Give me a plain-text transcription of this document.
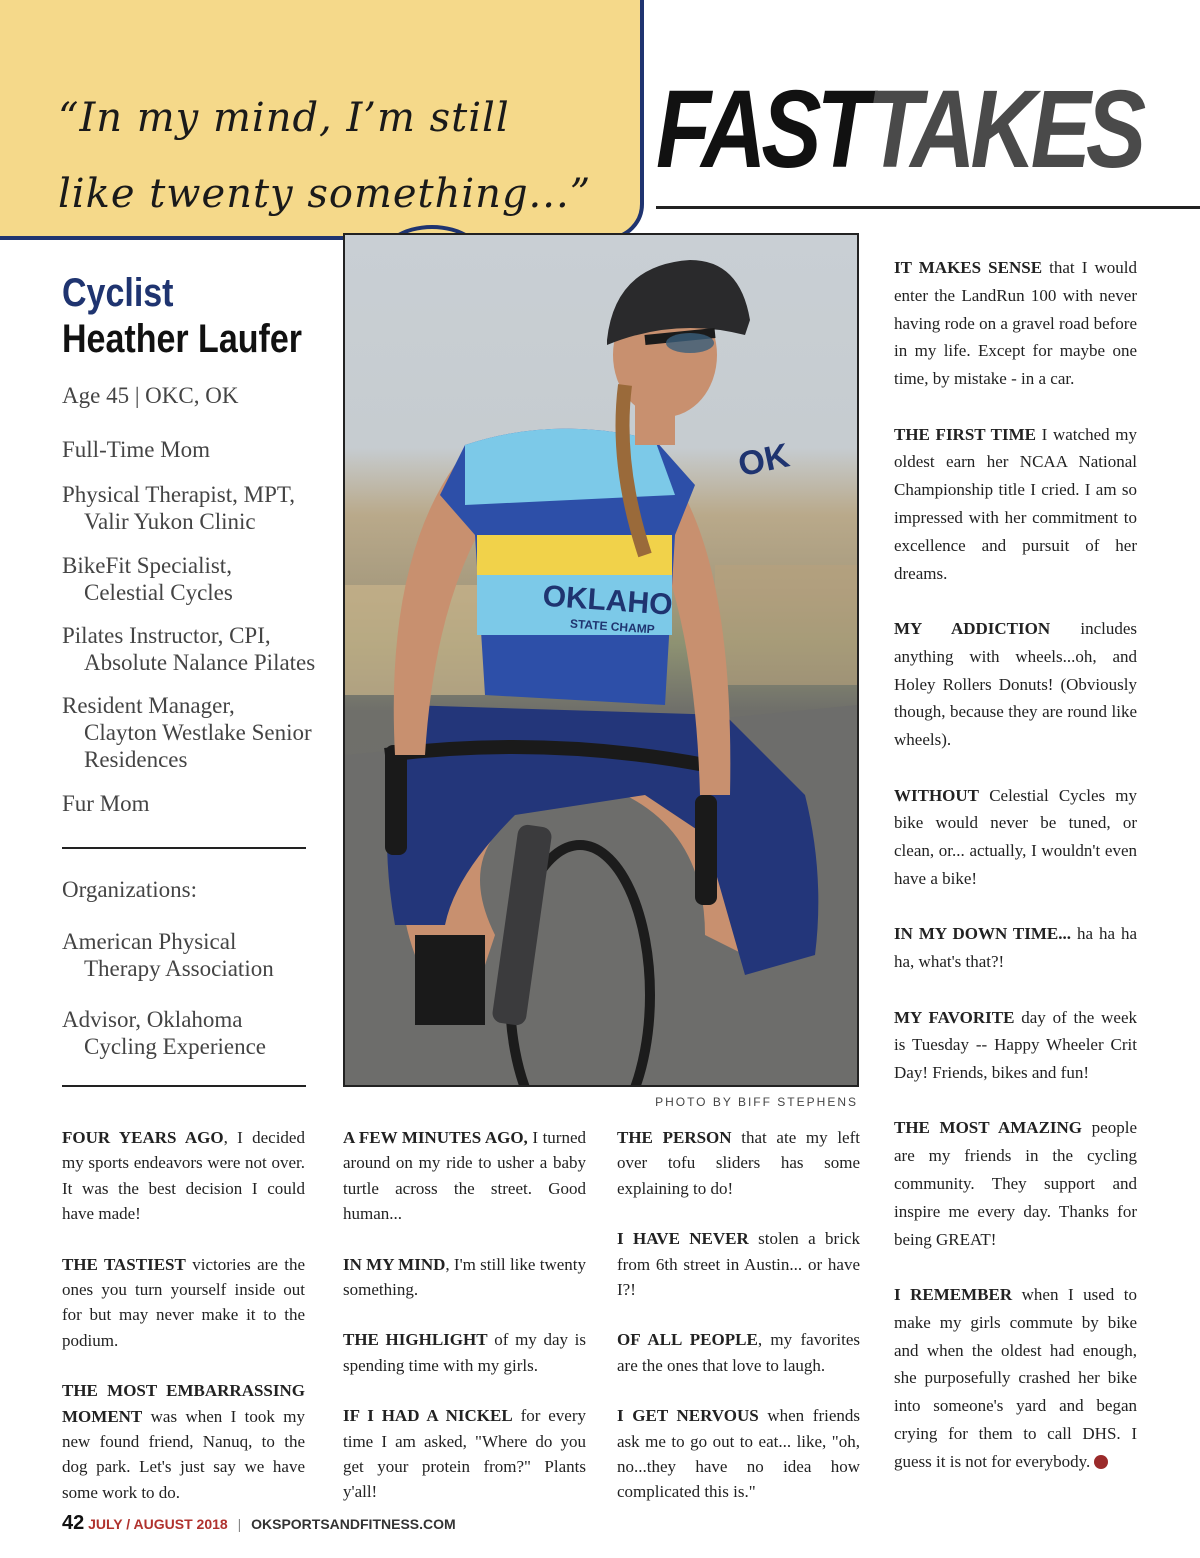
“In my mind, I’m still
like twenty something...”
FASTTAKES
Cyclist
Heather Laufer
Age 45 | OKC, OK
Full-Time Mom
Physical Therapist, MPT,
Valir Yukon Clinic
BikeFit Specialist,
Celestial Cycles
Pilates Instructor, CPI,
Absolute Nalance Pilates
Resident Manager,
Clayton Westlake Senior
Residences
Fur Mom
Organizations:
American Physical
Therapy Association
Advisor, Oklahoma
Cycling Experience
OKLAHO
STATE CHAMP
OK
PHOTO BY BIFF STEPHENS

FOUR YEARS AGO, I decided my sports endeavors were not over. It was the best decision I could have made!

THE TASTIEST victories are the ones you turn yourself inside out for but may never make it to the podium.

THE MOST EMBARRASSING MOMENT was when I took my new found friend, Nanuq, to the dog park. Let's just say we have some work to do.

A FEW MINUTES AGO, I turned around on my ride to usher a baby turtle across the street. Good human...

IN MY MIND, I'm still like twenty something.

THE HIGHLIGHT of my day is spending time with my girls.

IF I HAD A NICKEL for every time I am asked, "Where do you get your protein from?" Plants y'all!

THE PERSON that ate my left over tofu sliders has some explaining to do!

I HAVE NEVER stolen a brick from 6th street in Austin... or have I?!

OF ALL PEOPLE, my favorites are the ones that love to laugh.

I GET NERVOUS when friends ask me to go out to eat... like, "oh, no...they have no idea how complicated this is."

IT MAKES SENSE that I would enter the LandRun 100 with never having rode on a gravel road before in my life. Except for maybe one time, by mistake - in a car.

THE FIRST TIME I watched my oldest earn her NCAA National Championship title I cried. I am so impressed with her commitment to excellence and pursuit of her dreams.

MY ADDICTION includes anything with wheels...oh, and Holey Rollers Donuts! (Obviously though, because they are round like wheels).

WITHOUT Celestial Cycles my bike would never be tuned, or clean, or... actually, I wouldn't even have a bike!

IN MY DOWN TIME... ha ha ha ha, what's that?!

MY FAVORITE day of the week is Tuesday -- Happy Wheeler Crit Day! Friends, bikes and fun!

THE MOST AMAZING people are my friends in the cycling community. They support and inspire me every day. Thanks for being GREAT!

I REMEMBER when I used to make my girls commute by bike and when the oldest had enough, she purposefully crashed her bike into someone's yard and began crying for them to call DHS. I guess it is not for everybody.

42 JULY / AUGUST 2018 | OKSPORTSANDFITNESS.COM
